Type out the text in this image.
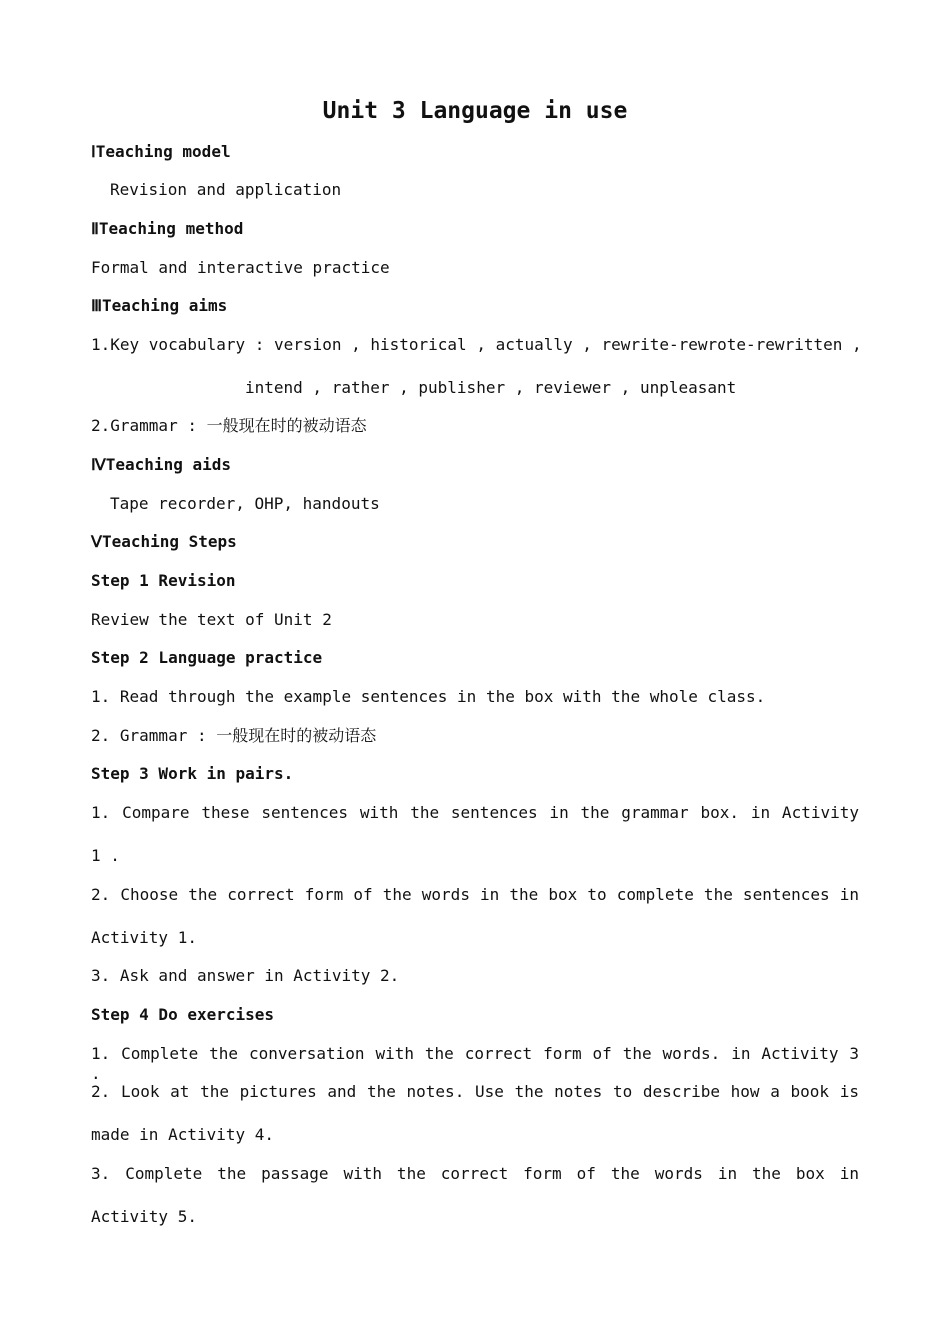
Unit 3 Language in use
ⅠTeaching model
Revision and application
ⅡTeaching method
Formal and interactive practice
ⅢTeaching aims
1.Key vocabulary : version , historical , actually , rewrite-rewrote-rewritten ,
intend , rather , publisher , reviewer , unpleasant
2.Grammar : 一般现在时的被动语态
ⅣTeaching aids
Tape recorder, OHP, handouts
ⅤTeaching Steps
Step 1 Revision
Review the text of Unit 2
Step 2 Language practice
1. Read through the example sentences in the box with the whole class.
2. Grammar : 一般现在时的被动语态
Step 3 Work in pairs.
1. Compare these sentences with the sentences in the grammar box. in Activity
1 .
2. Choose the correct form of the words in the box to complete the sentences in
Activity 1.
3. Ask and answer in Activity 2.
Step 4 Do exercises
1. Complete the conversation with the correct form of the words. in Activity 3 .
2. Look at the pictures and the notes. Use the notes to describe how a book is
made in Activity 4.
3. Complete the passage with the correct form of the words in the box in
Activity 5.
